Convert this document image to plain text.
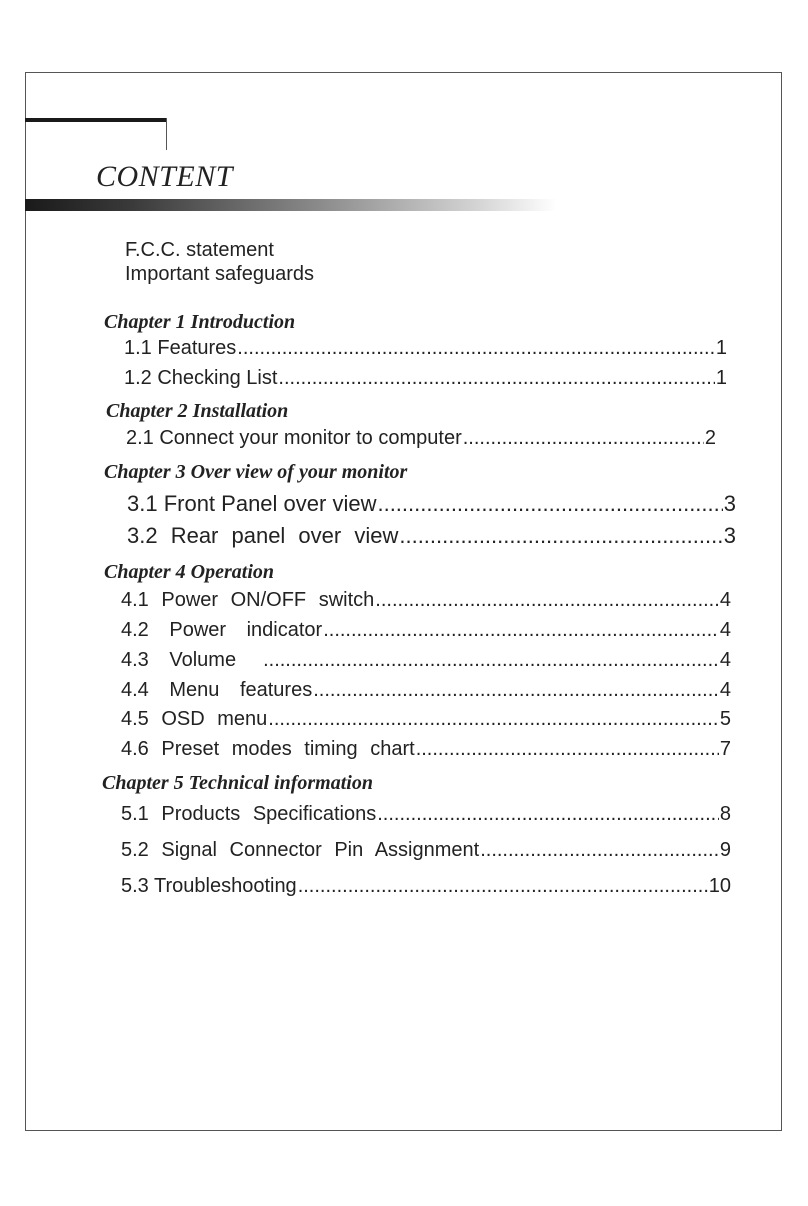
CONTENT
F.C.C. statement
Important safeguards
Chapter 1 Introduction
1.1 Features .....	1
1.2 Checking List .....	1
Chapter 2 Installation
2.1 Connect your monitor to computer .....	2
Chapter 3 Over view of your monitor
3.1 Front Panel over view .....	3
3.2 Rear panel over view .....	3
Chapter 4 Operation
4.1 Power ON/OFF switch .....	4
4.2 Power indicator .....	4
4.3 Volume .....	4
4.4 Menu features .....	4
4.5 OSD menu .....	5
4.6 Preset modes timing chart .....	7
Chapter 5 Technical information
5.1 Products Specifications .....	8
5.2 Signal Connector Pin Assignment .....	9
5.3 Troubleshooting .....	10
